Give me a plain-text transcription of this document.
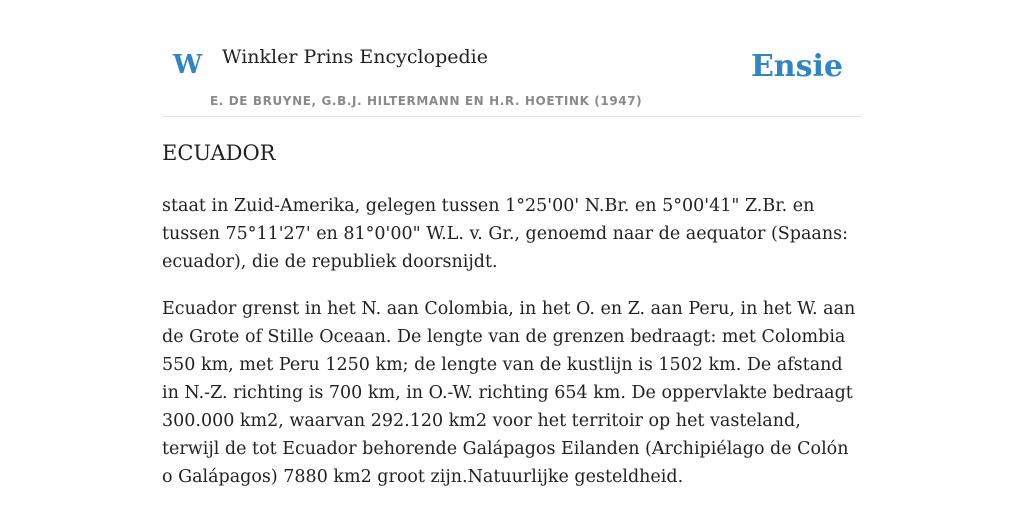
W Winkler Prins Encyclopedie
E. DE BRUYNE, G.B.J. HILTERMANN EN H.R. HOETINK (1947)
Ensie
ECUADOR

staat in Zuid-Amerika, gelegen tussen 1°25'00' N.Br. en 5°00'41" Z.Br. en tussen 75°11'27' en 81°0'00" W.L. v. Gr., genoemd naar de aequator (Spaans: ecuador), die de republiek doorsnijdt.

Ecuador grenst in het N. aan Colombia, in het O. en Z. aan Peru, in het W. aan de Grote of Stille Oceaan. De lengte van de grenzen bedraagt: met Colombia 550 km, met Peru 1250 km; de lengte van de kustlijn is 1502 km. De afstand in N.-Z. richting is 700 km, in O.-W. richting 654 km. De oppervlakte bedraagt 300.000 km2, waarvan 292.120 km2 voor het territoir op het vasteland, terwijl de tot Ecuador behorende Galápagos Eilanden (Archipiélago de Colón o Galápagos) 7880 km2 groot zijn.Natuurlijke gesteldheid.
